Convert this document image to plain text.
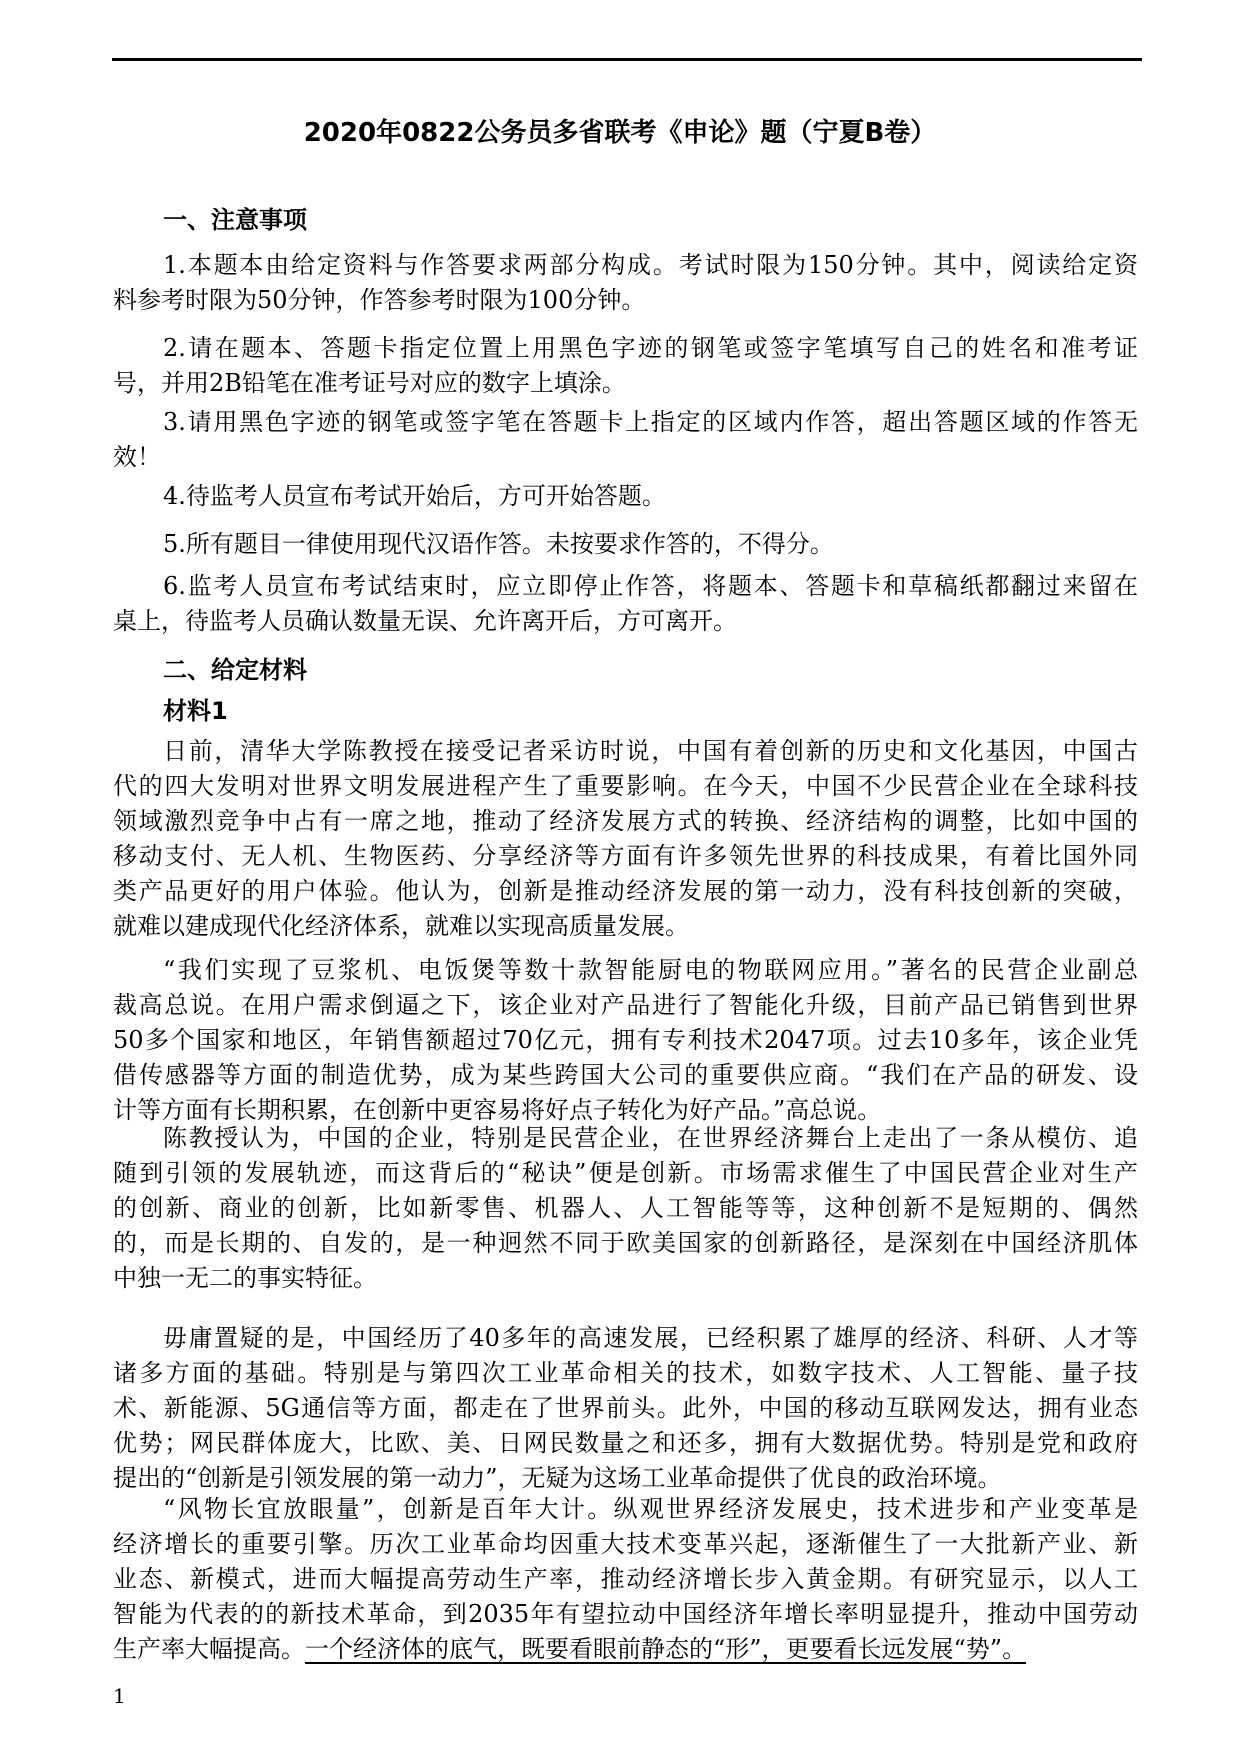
2020年0822公务员多省联考《申论》题（宁夏B卷）
一、注意事项
1.本题本由给定资料与作答要求两部分构成。考试时限为150分钟。其中，阅读给定资
料参考时限为50分钟，作答参考时限为100分钟。
2.请在题本、答题卡指定位置上用黑色字迹的钢笔或签字笔填写自己的姓名和准考证
号，并用2B铅笔在准考证号对应的数字上填涂。
3.请用黑色字迹的钢笔或签字笔在答题卡上指定的区域内作答，超出答题区域的作答无
效！
4.待监考人员宣布考试开始后，方可开始答题。
5.所有题目一律使用现代汉语作答。未按要求作答的，不得分。
6.监考人员宣布考试结束时，应立即停止作答，将题本、答题卡和草稿纸都翻过来留在
桌上，待监考人员确认数量无误、允许离开后，方可离开。
二、给定材料
材料1
日前，清华大学陈教授在接受记者采访时说，中国有着创新的历史和文化基因，中国古
代的四大发明对世界文明发展进程产生了重要影响。在今天，中国不少民营企业在全球科技
领域激烈竞争中占有一席之地，推动了经济发展方式的转换、经济结构的调整，比如中国的
移动支付、无人机、生物医药、分享经济等方面有许多领先世界的科技成果，有着比国外同
类产品更好的用户体验。他认为，创新是推动经济发展的第一动力，没有科技创新的突破，
就难以建成现代化经济体系，就难以实现高质量发展。
“我们实现了豆浆机、电饭煲等数十款智能厨电的物联网应用。”著名的民营企业副总
裁高总说。在用户需求倒逼之下，该企业对产品进行了智能化升级，目前产品已销售到世界
50多个国家和地区，年销售额超过70亿元，拥有专利技术2047项。过去10多年，该企业凭
借传感器等方面的制造优势，成为某些跨国大公司的重要供应商。“我们在产品的研发、设
计等方面有长期积累，在创新中更容易将好点子转化为好产品。”高总说。
陈教授认为，中国的企业，特别是民营企业，在世界经济舞台上走出了一条从模仿、追
随到引领的发展轨迹，而这背后的“秘诀”便是创新。市场需求催生了中国民营企业对生产
的创新、商业的创新，比如新零售、机器人、人工智能等等，这种创新不是短期的、偶然
的，而是长期的、自发的，是一种迥然不同于欧美国家的创新路径，是深刻在中国经济肌体
中独一无二的事实特征。
毋庸置疑的是，中国经历了40多年的高速发展，已经积累了雄厚的经济、科研、人才等
诸多方面的基础。特别是与第四次工业革命相关的技术，如数字技术、人工智能、量子技
术、新能源、5G通信等方面，都走在了世界前头。此外，中国的移动互联网发达，拥有业态
优势；网民群体庞大，比欧、美、日网民数量之和还多，拥有大数据优势。特别是党和政府
提出的“创新是引领发展的第一动力”，无疑为这场工业革命提供了优良的政治环境。
“风物长宜放眼量”，创新是百年大计。纵观世界经济发展史，技术进步和产业变革是
经济增长的重要引擎。历次工业革命均因重大技术变革兴起，逐渐催生了一大批新产业、新
业态、新模式，进而大幅提高劳动生产率，推动经济增长步入黄金期。有研究显示，以人工
智能为代表的的新技术革命，到2035年有望拉动中国经济年增长率明显提升，推动中国劳动
生产率大幅提高。一个经济体的底气，既要看眼前静态的“形”，更要看长远发展“势”。
1
